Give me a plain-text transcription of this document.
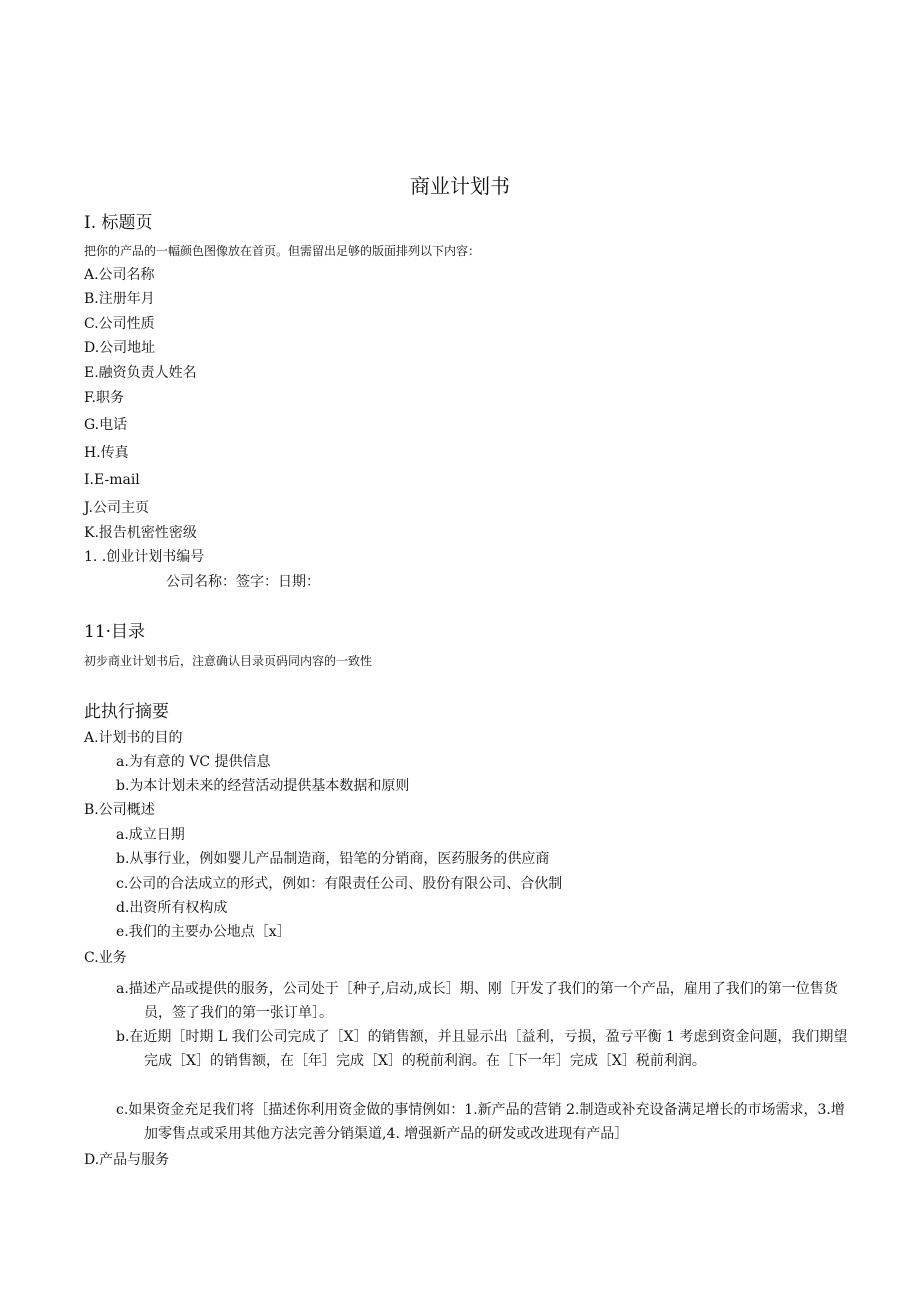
商业计划书
I. 标题页
把你的产品的一幅颜色图像放在首页。但需留出足够的版面排列以下内容：
A.公司名称
B.注册年月
C.公司性质
D.公司地址
E.融资负责人姓名
F.职务
G.电话
H.传真
I.E-mail
J.公司主页
K.报告机密性密级
1. .创业计划书编号
公司名称：签字：日期：
11·目录
初步商业计划书后，注意确认目录页码同内容的一致性
此执行摘要
A.计划书的目的
a.为有意的 VC 提供信息
b.为本计划未来的经营活动提供基本数据和原则
B.公司概述
a.成立日期
b.从事行业，例如婴儿产品制造商，铅笔的分销商，医药服务的供应商
c.公司的合法成立的形式，例如：有限责任公司、股份有限公司、合伙制
d.出资所有权构成
e.我们的主要办公地点［x］
C.业务
a.描述产品或提供的服务，公司处于［种子,启动,成长］期、刚［开发了我们的第一个产品，雇用了我们的第一位售货员，签了我们的第一张订单］。
b.在近期［时期 L 我们公司完成了［X］的销售额，并且显示出［益利，亏损，盈亏平衡 1 考虑到资金问题，我们期望完成［X］的销售额，在［年］完成［X］的税前利润。在［下一年］完成［X］税前利润。
c.如果资金充足我们将［描述你利用资金做的事情例如：1.新产品的营销 2.制造或补充设备满足增长的市场需求，3.增加零售点或采用其他方法完善分销渠道,4. 增强新产品的研发或改进现有产品］
D.产品与服务
